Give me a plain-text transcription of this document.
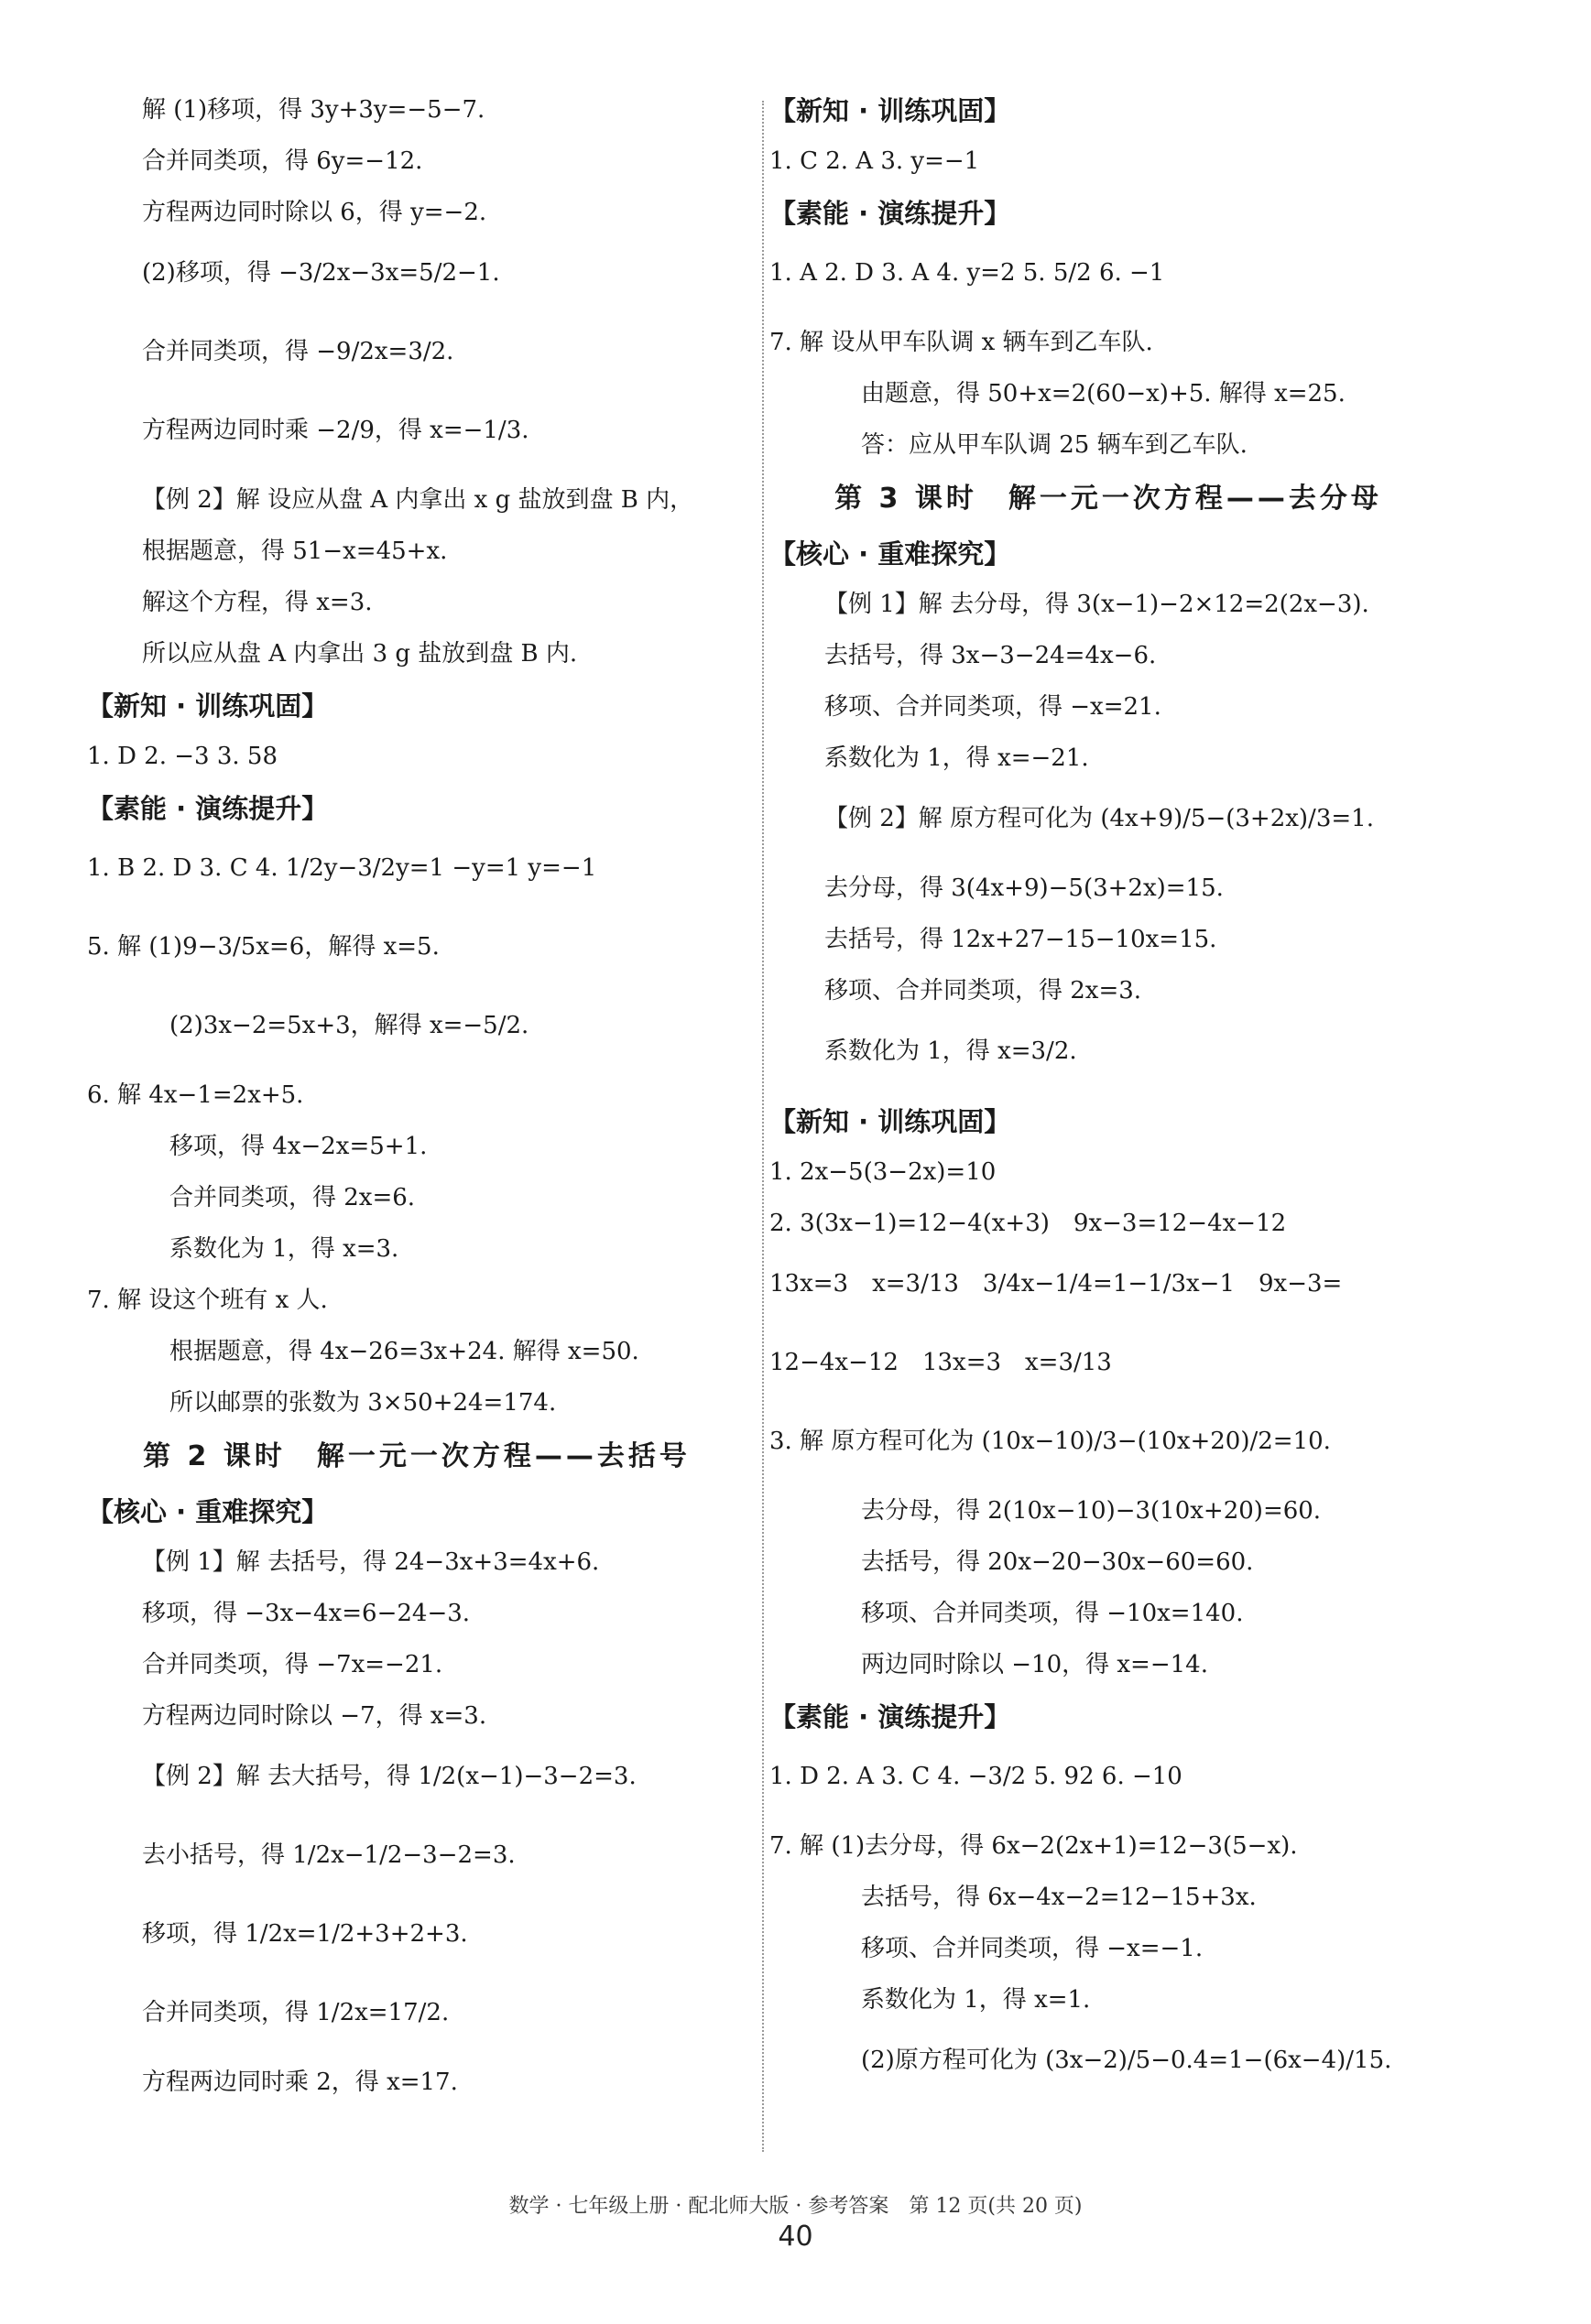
解 (1)移项，得 3y+3y=−5−7.
合并同类项，得 6y=−12.
方程两边同时除以 6，得 y=−2.
(2)移项，得 −3/2x−3x=5/2−1.
合并同类项，得 −9/2x=3/2.
方程两边同时乘 −2/9，得 x=−1/3.
【例 2】解 设应从盘 A 内拿出 x g 盐放到盘 B 内，
根据题意，得 51−x=45+x.
解这个方程，得 x=3.
所以应从盘 A 内拿出 3 g 盐放到盘 B 内.
【新知 · 训练巩固】
1. D 2. −3 3. 58
【素能 · 演练提升】
1. B 2. D 3. C 4. 1/2y−3/2y=1 −y=1 y=−1
5. 解 (1)9−3/5x=6，解得 x=5.
(2)3x−2=5x+3，解得 x=−5/2.
6. 解 4x−1=2x+5.
移项，得 4x−2x=5+1.
合并同类项，得 2x=6.
系数化为 1，得 x=3.
7. 解 设这个班有 x 人.
根据题意，得 4x−26=3x+24. 解得 x=50.
所以邮票的张数为 3×50+24=174.
第 2 课时　解一元一次方程——去括号
【核心 · 重难探究】
【例 1】解 去括号，得 24−3x+3=4x+6.
移项，得 −3x−4x=6−24−3.
合并同类项，得 −7x=−21.
方程两边同时除以 −7，得 x=3.
【例 2】解 去大括号，得 1/2(x−1)−3−2=3.
去小括号，得 1/2x−1/2−3−2=3.
移项，得 1/2x=1/2+3+2+3.
合并同类项，得 1/2x=17/2.
方程两边同时乘 2，得 x=17.
【新知 · 训练巩固】
1. C 2. A 3. y=−1
【素能 · 演练提升】
1. A 2. D 3. A 4. y=2 5. 5/2 6. −1
7. 解 设从甲车队调 x 辆车到乙车队.
由题意，得 50+x=2(60−x)+5. 解得 x=25.
答：应从甲车队调 25 辆车到乙车队.
第 3 课时　解一元一次方程——去分母
【核心 · 重难探究】
【例 1】解 去分母，得 3(x−1)−2×12=2(2x−3).
去括号，得 3x−3−24=4x−6.
移项、合并同类项，得 −x=21.
系数化为 1，得 x=−21.
【例 2】解 原方程可化为 (4x+9)/5−(3+2x)/3=1.
去分母，得 3(4x+9)−5(3+2x)=15.
去括号，得 12x+27−15−10x=15.
移项、合并同类项，得 2x=3.
系数化为 1，得 x=3/2.
【新知 · 训练巩固】
1. 2x−5(3−2x)=10
2. 3(3x−1)=12−4(x+3)　9x−3=12−4x−12
13x=3　x=3/13　3/4x−1/4=1−1/3x−1　9x−3=
12−4x−12　13x=3　x=3/13
3. 解 原方程可化为 (10x−10)/3−(10x+20)/2=10.
去分母，得 2(10x−10)−3(10x+20)=60.
去括号，得 20x−20−30x−60=60.
移项、合并同类项，得 −10x=140.
两边同时除以 −10，得 x=−14.
【素能 · 演练提升】
1. D 2. A 3. C 4. −3/2 5. 92 6. −10
7. 解 (1)去分母，得 6x−2(2x+1)=12−3(5−x).
去括号，得 6x−4x−2=12−15+3x.
移项、合并同类项，得 −x=−1.
系数化为 1，得 x=1.
(2)原方程可化为 (3x−2)/5−0.4=1−(6x−4)/15.
数学 · 七年级上册 · 配北师大版 · 参考答案　第 12 页(共 20 页)
40
